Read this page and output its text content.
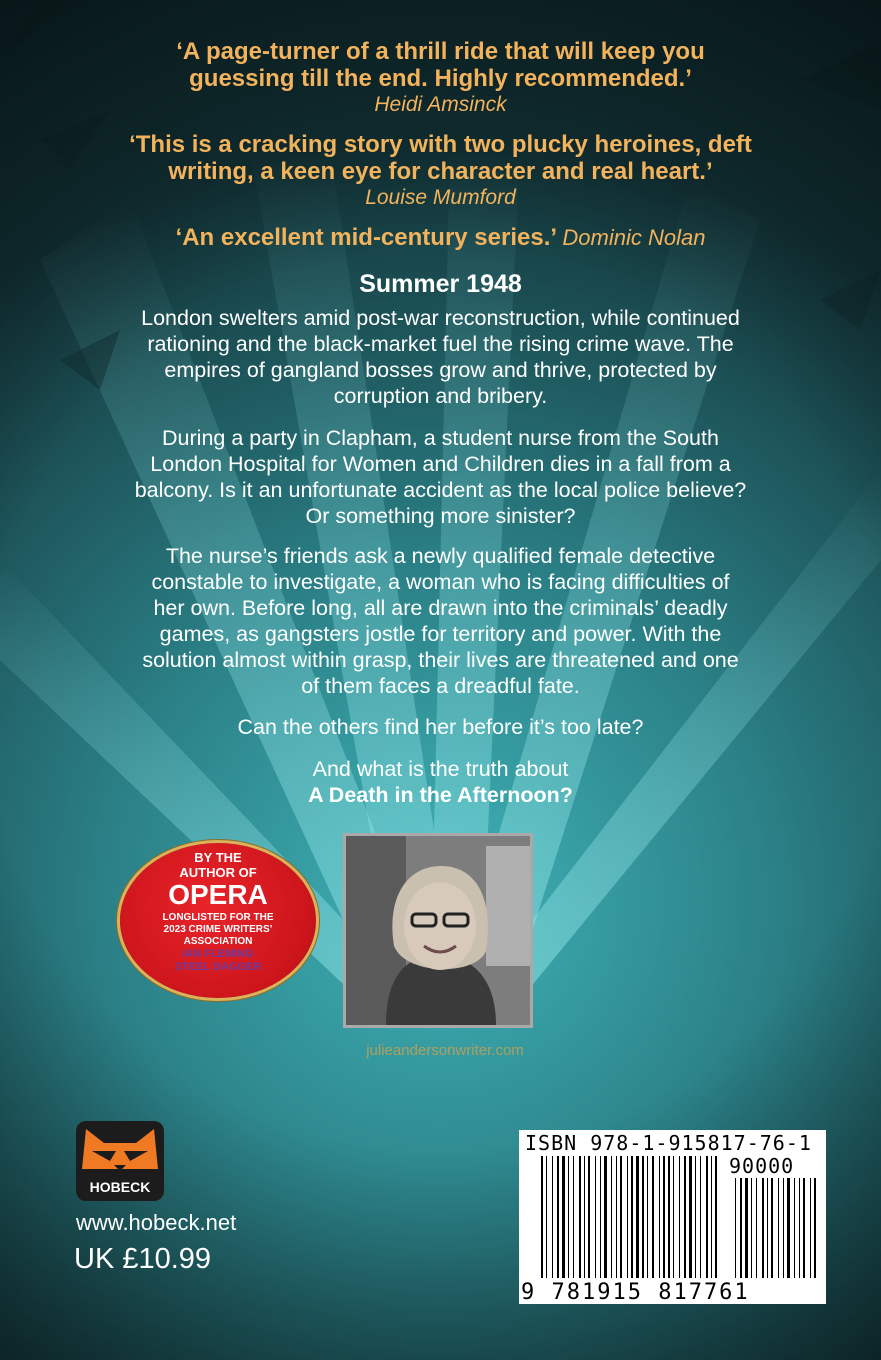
‘A page-turner of a thrill ride that will keep you

guessing till the end. Highly recommended.’

Heidi Amsinck

‘This is a cracking story with two plucky heroines, deft

writing, a keen eye for character and real heart.’

Louise Mumford

‘An excellent mid-century series.’ Dominic Nolan

Summer 1948

London swelters amid post-war reconstruction, while continued
rationing and the black-market fuel the rising crime wave. The
empires of gangland bosses grow and thrive, protected by
corruption and bribery.

During a party in Clapham, a student nurse from the South
London Hospital for Women and Children dies in a fall from a
balcony. Is it an unfortunate accident as the local police believe?
Or something more sinister?

The nurse’s friends ask a newly qualified female detective
constable to investigate, a woman who is facing difficulties of
her own. Before long, all are drawn into the criminals’ deadly
games, as gangsters jostle for territory and power. With the
solution almost within grasp, their lives are threatened and one
of them faces a dreadful fate.

Can the others find her before it’s too late?

And what is the truth about
A Death in the Afternoon?

BY THE
AUTHOR OF
OPERA
LONGLISTED FOR THE
2023 CRIME WRITERS’
ASSOCIATION
IAN FLEMING
STEEL DAGGER
julieandersonwriter.com
HOBECK
www.hobeck.net
UK £10.99
ISBN 978-1-915817-76-1
90000
9 781915 817761
